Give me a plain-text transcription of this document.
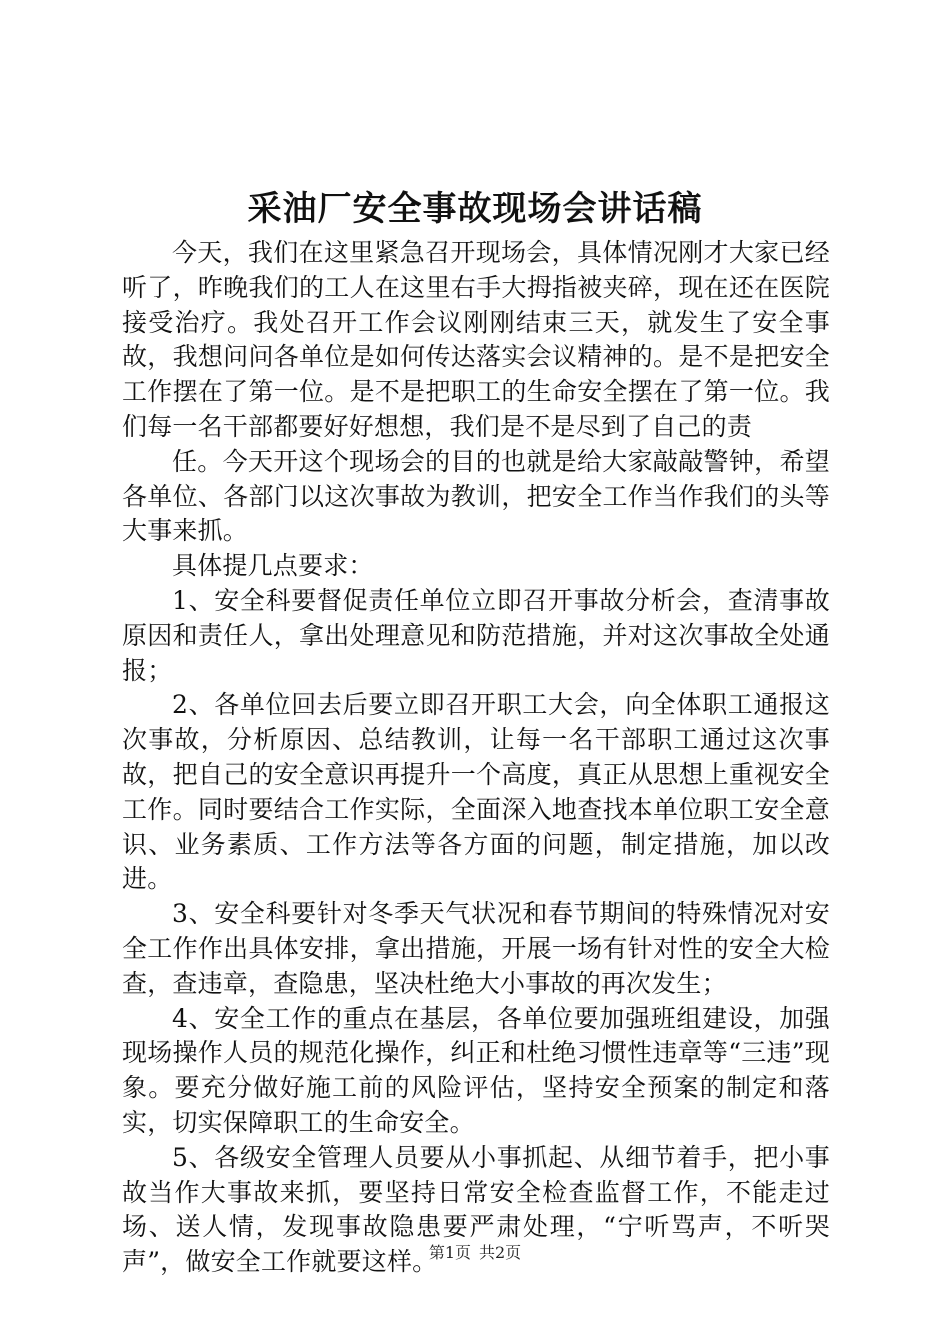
采油厂安全事故现场会讲话稿

今天，我们在这里紧急召开现场会，具体情况刚才大家已经听了，昨晚我们的工人在这里右手大拇指被夹碎，现在还在医院接受治疗。我处召开工作会议刚刚结束三天，就发生了安全事故，我想问问各单位是如何传达落实会议精神的。是不是把安全工作摆在了第一位。是不是把职工的生命安全摆在了第一位。我们每一名干部都要好好想想，我们是不是尽到了自己的责

任。今天开这个现场会的目的也就是给大家敲敲警钟，希望各单位、各部门以这次事故为教训，把安全工作当作我们的头等大事来抓。

具体提几点要求：

1、安全科要督促责任单位立即召开事故分析会，查清事故原因和责任人，拿出处理意见和防范措施，并对这次事故全处通报；

2、各单位回去后要立即召开职工大会，向全体职工通报这次事故，分析原因、总结教训，让每一名干部职工通过这次事故，把自己的安全意识再提升一个高度，真正从思想上重视安全工作。同时要结合工作实际，全面深入地查找本单位职工安全意识、业务素质、工作方法等各方面的问题，制定措施，加以改进。

3、安全科要针对冬季天气状况和春节期间的特殊情况对安全工作作出具体安排，拿出措施，开展一场有针对性的安全大检查，查违章，查隐患，坚决杜绝大小事故的再次发生；

4、安全工作的重点在基层，各单位要加强班组建设，加强现场操作人员的规范化操作，纠正和杜绝习惯性违章等“三违”现象。要充分做好施工前的风险评估，坚持安全预案的制定和落实，切实保障职工的生命安全。

5、各级安全管理人员要从小事抓起、从细节着手，把小事故当作大事故来抓，要坚持日常安全检查监督工作，不能走过场、送人情，发现事故隐患要严肃处理，“宁听骂声，不听哭声”，做安全工作就要这样。

第1页 共2页
